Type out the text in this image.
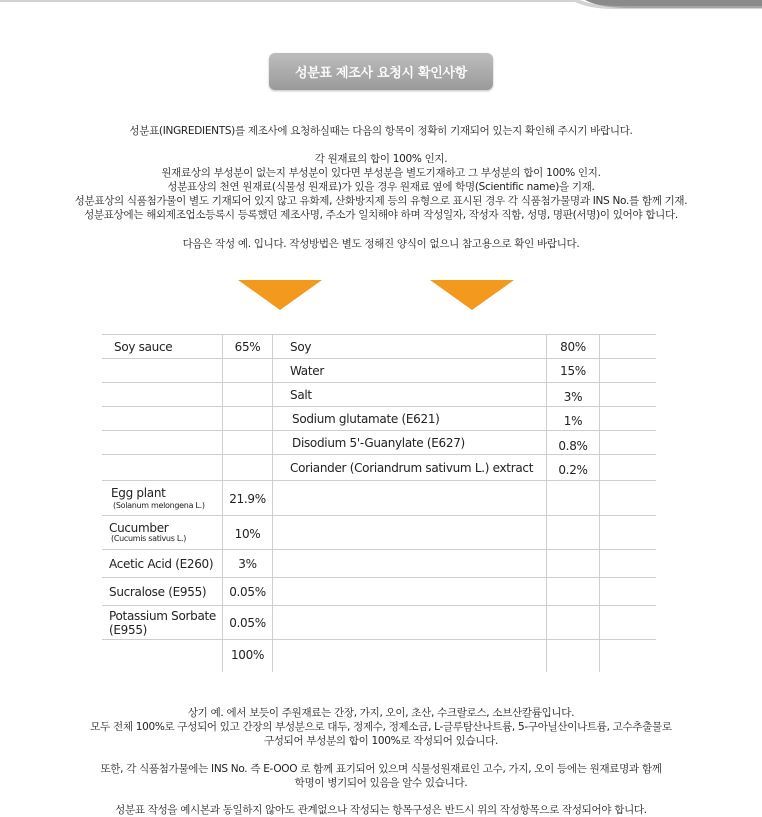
성분표 제조사 요청시 확인사항
성분표(INGREDIENTS)를 제조사에 요청하실때는 다음의 항목이 정확히 기재되어 있는지 확인해 주시기 바랍니다.
각 원재료의 합이 100% 인지.
원재료상의 부성분이 없는지 부성분이 있다면 부성분을 별도기재하고 그 부성분의 합이 100% 인지.
성분표상의 천연 원재료(식물성 원재료)가 있을 경우 원재료 옆에 학명(Scientific name)을 기재.
성분표상의 식품첨가물이 별도 기재되어 있지 않고 유화제, 산화방지제 등의 유형으로 표시된 경우 각 식품첨가물명과 INS No.를 함께 기재.
성분표상에는 해외제조업소등록시 등록했던 제조사명, 주소가 일치해야 하며 작성일자, 작성자 직함, 성명, 명판(서명)이 있어야 합니다.
다음은 작성 예. 입니다. 작성방법은 별도 정해진 양식이 없으니 참고용으로 확인 바랍니다.
Soy	80%
Water	15%
Salt	3%
Sodium glutamate (E621)	1%
Disodium 5'-Guanylate (E627)	0.8%
Coriander (Coriandrum sativum L.) extract	0.2%
Soy sauce	65%
Egg plant
(Solanum melongena L.)	21.9%
Cucumber
(Cucumis sativus L.)	10%
Acetic Acid (E260)	3%
Sucralose (E955)	0.05%
Potassium Sorbate
(E955)	0.05%
100%
상기 예. 에서 보듯이 주원재료는 간장, 가지, 오이, 초산, 수크랄로스, 소브산칼륨입니다.
모두 전체 100%로 구성되어 있고 간장의 부성분으로 대두, 정제수, 정제소금, L-글루탐산나트륨, 5-구아닐산이나트륨, 고수추출물로
구성되어 부성분의 합이 100%로 작성되어 있습니다.
또한, 각 식품첨가물에는 INS No. 즉 E-OOO 로 함께 표기되어 있으며 식물성원재료인 고수, 가지, 오이 등에는 원재료명과 함께
학명이 병기되어 있음을 알수 있습니다.
성분표 작성을 예시본과 동일하지 않아도 관계없으나 작성되는 항목구성은 반드시 위의 작성항목으로 작성되어야 합니다.
